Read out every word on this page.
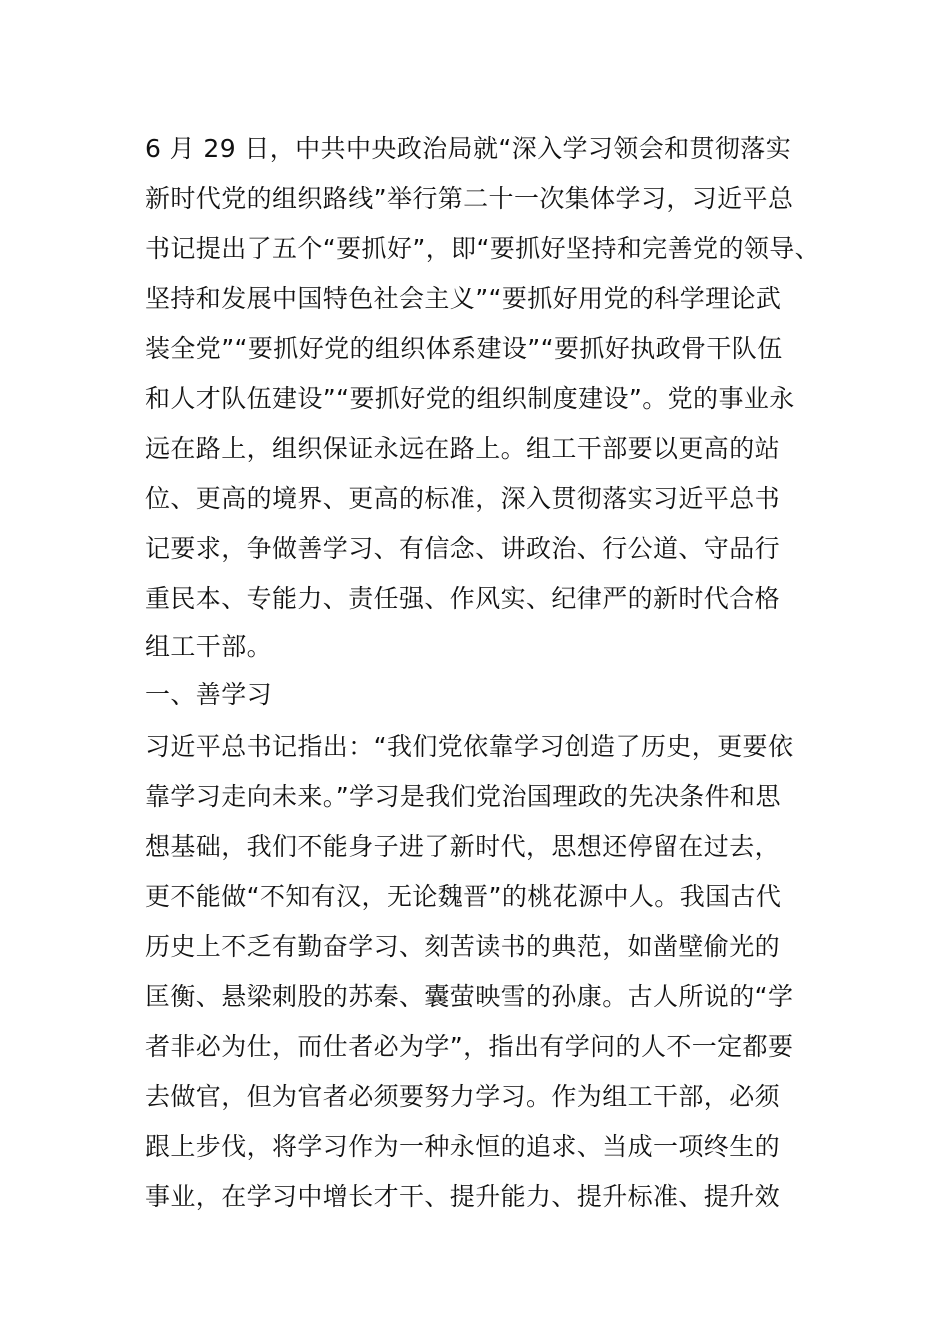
6 月 29 日，中共中央政治局就“深入学习领会和贯彻落实
新时代党的组织路线”举行第二十一次集体学习，习近平总
书记提出了五个“要抓好”，即“要抓好坚持和完善党的领导、
坚持和发展中国特色社会主义”“要抓好用党的科学理论武
装全党”“要抓好党的组织体系建设”“要抓好执政骨干队伍
和人才队伍建设”“要抓好党的组织制度建设”。党的事业永
远在路上，组织保证永远在路上。组工干部要以更高的站
位、更高的境界、更高的标准，深入贯彻落实习近平总书
记要求，争做善学习、有信念、讲政治、行公道、守品行
重民本、专能力、责任强、作风实、纪律严的新时代合格
组工干部。
一、善学习
习近平总书记指出：“我们党依靠学习创造了历史，更要依
靠学习走向未来。”学习是我们党治国理政的先决条件和思
想基础，我们不能身子进了新时代，思想还停留在过去，
更不能做“不知有汉，无论魏晋”的桃花源中人。我国古代
历史上不乏有勤奋学习、刻苦读书的典范，如凿壁偷光的
匡衡、悬梁刺股的苏秦、囊萤映雪的孙康。古人所说的“学
者非必为仕，而仕者必为学”，指出有学问的人不一定都要
去做官，但为官者必须要努力学习。作为组工干部，必须
跟上步伐，将学习作为一种永恒的追求、当成一项终生的
事业，在学习中增长才干、提升能力、提升标准、提升效
